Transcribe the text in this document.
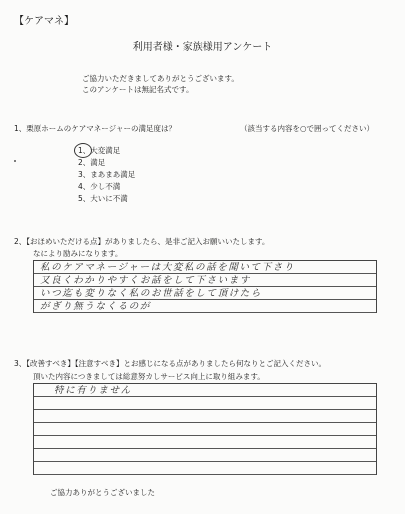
【ケアマネ】
利用者様・家族様用アンケート
ご協力いただきましてありがとうございます。
このアンケートは無記名式です。
1、栗原ホームのケアマネージャーの満足度は？	（該当する内容を○で囲ってください）
1、大変満足
2、満足
3、まあまあ満足
4、少し不満
5、大いに不満
2、【おほめいただける点】がありましたら、是非ご記入お願いいたします。
なにより励みになります。
私のケアマネージャーは大変私の話を聞いて下さり
又良くわかりやすくお話をして下さいます
いつ迄も変りなく私のお世話をして頂けたら
がぎり無うなくるのが
3、【改善すべき】【注意すべき】とお感じになる点がありましたら何なりとご記入ください。
頂いた内容につきましては総意努カしサービス向上に取り組みます。
特に有りません
ご協力ありがとうございました
